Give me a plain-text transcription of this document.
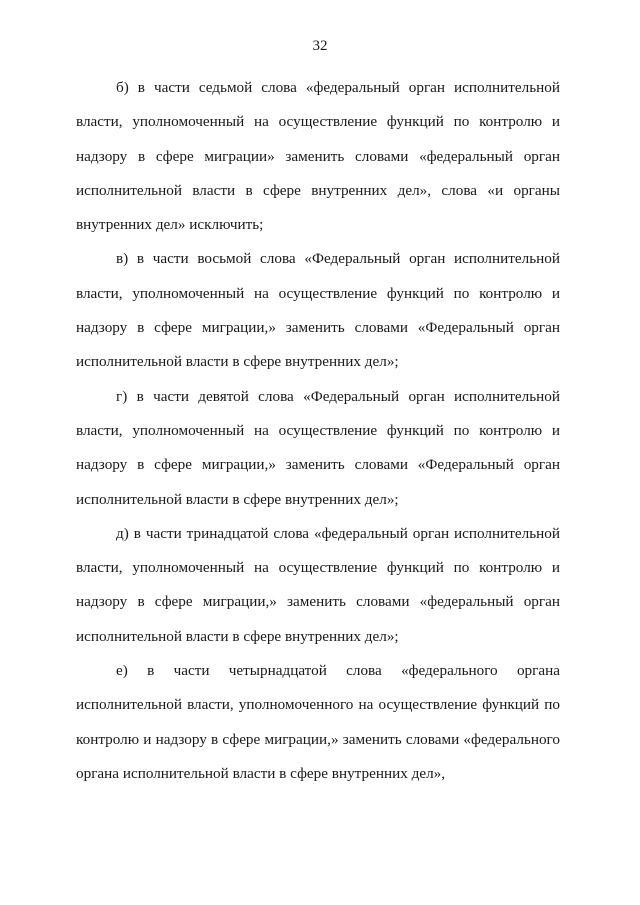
32

б) в части седьмой слова «федеральный орган исполнительной власти, уполномоченный на осуществление функций по контролю и надзору в сфере миграции» заменить словами «федеральный орган исполнительной власти в сфере внутренних дел», слова «и органы внутренних дел» исключить;

в) в части восьмой слова «Федеральный орган исполнительной власти, уполномоченный на осуществление функций по контролю и надзору в сфере миграции,» заменить словами «Федеральный орган исполнительной власти в сфере внутренних дел»;

г) в части девятой слова «Федеральный орган исполнительной власти, уполномоченный на осуществление функций по контролю и надзору в сфере миграции,» заменить словами «Федеральный орган исполнительной власти в сфере внутренних дел»;

д) в части тринадцатой слова «федеральный орган исполнительной власти, уполномоченный на осуществление функций по контролю и надзору в сфере миграции,» заменить словами «федеральный орган исполнительной власти в сфере внутренних дел»;

е) в части четырнадцатой слова «федерального органа исполнительной власти, уполномоченного на осуществление функций по контролю и надзору в сфере миграции,» заменить словами «федерального органа исполнительной власти в сфере внутренних дел»,
